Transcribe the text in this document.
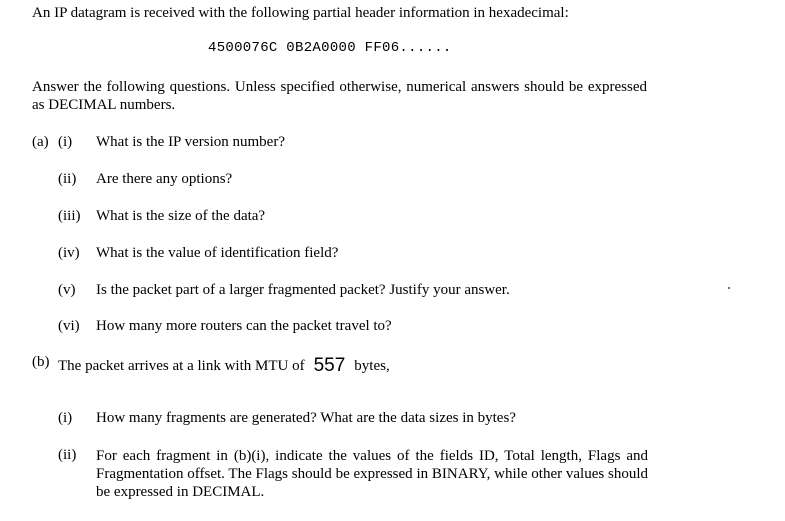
An IP datagram is received with the following partial header information in hexadecimal:
4500076C 0B2A0000 FF06......
Answer the following questions. Unless specified otherwise, numerical answers should be expressed as DECIMAL numbers.
(a) (i) What is the IP version number?
(ii) Are there any options?
(iii) What is the size of the data?
(iv) What is the value of identification field?
(v) Is the packet part of a larger fragmented packet? Justify your answer.
(vi) How many more routers can the packet travel to?
(b) The packet arrives at a link with MTU of 557 bytes,
(i) How many fragments are generated? What are the data sizes in bytes?
(ii) For each fragment in (b)(i), indicate the values of the fields ID, Total length, Flags and Fragmentation offset. The Flags should be expressed in BINARY, while other values should be expressed in DECIMAL.
